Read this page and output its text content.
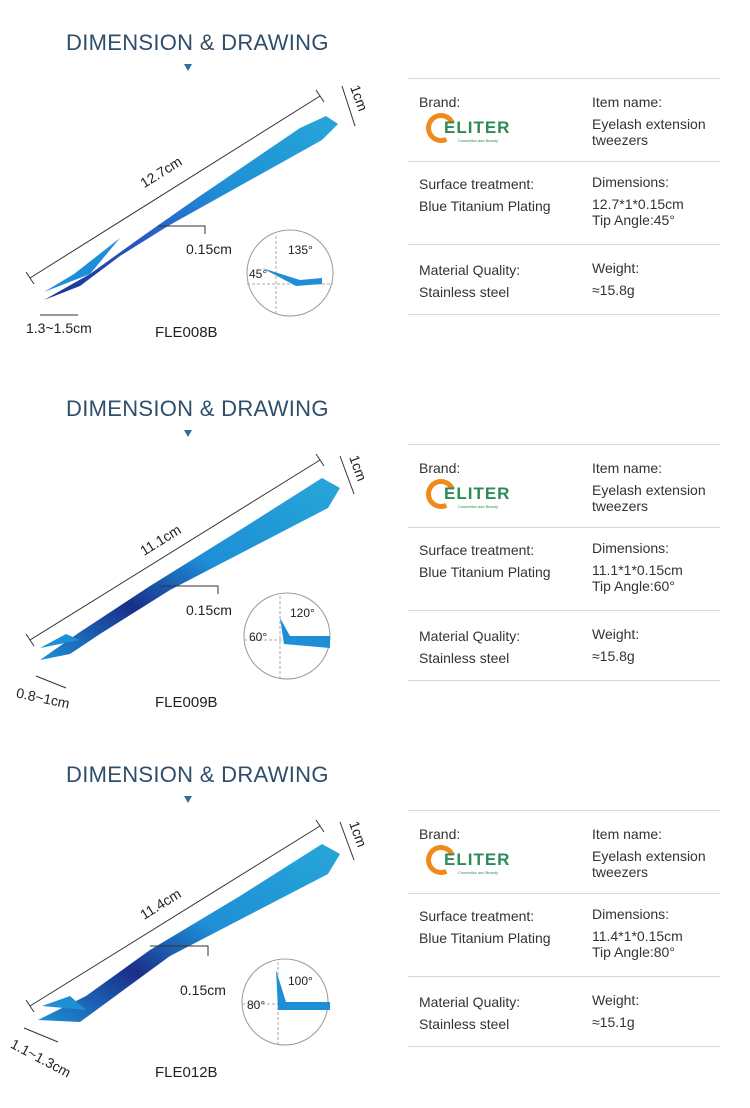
DIMENSION & DRAWING
12.7cm
1cm
0.15cm
1.3~1.5cm
135°
45°
FLE008B
Brand:
ELITER
Cosmetics and Beauty
Item name:
Eyelash extension tweezers
Surface treatment:
Blue Titanium Plating
Dimensions:
12.7*1*0.15cm
Tip Angle:45°
Material Quality:
Stainless steel
Weight:
≈15.8g
DIMENSION & DRAWING
11.1cm
1cm
0.15cm
0.8~1cm
120°
60°
FLE009B
Brand:
ELITER
Cosmetics and Beauty
Item name:
Eyelash extension tweezers
Surface treatment:
Blue Titanium Plating
Dimensions:
11.1*1*0.15cm
Tip Angle:60°
Material Quality:
Stainless steel
Weight:
≈15.8g
DIMENSION & DRAWING
11.4cm
1cm
0.15cm
1.1~1.3cm
100°
80°
FLE012B
Brand:
ELITER
Cosmetics and Beauty
Item name:
Eyelash extension tweezers
Surface treatment:
Blue Titanium Plating
Dimensions:
11.4*1*0.15cm
Tip Angle:80°
Material Quality:
Stainless steel
Weight:
≈15.1g
